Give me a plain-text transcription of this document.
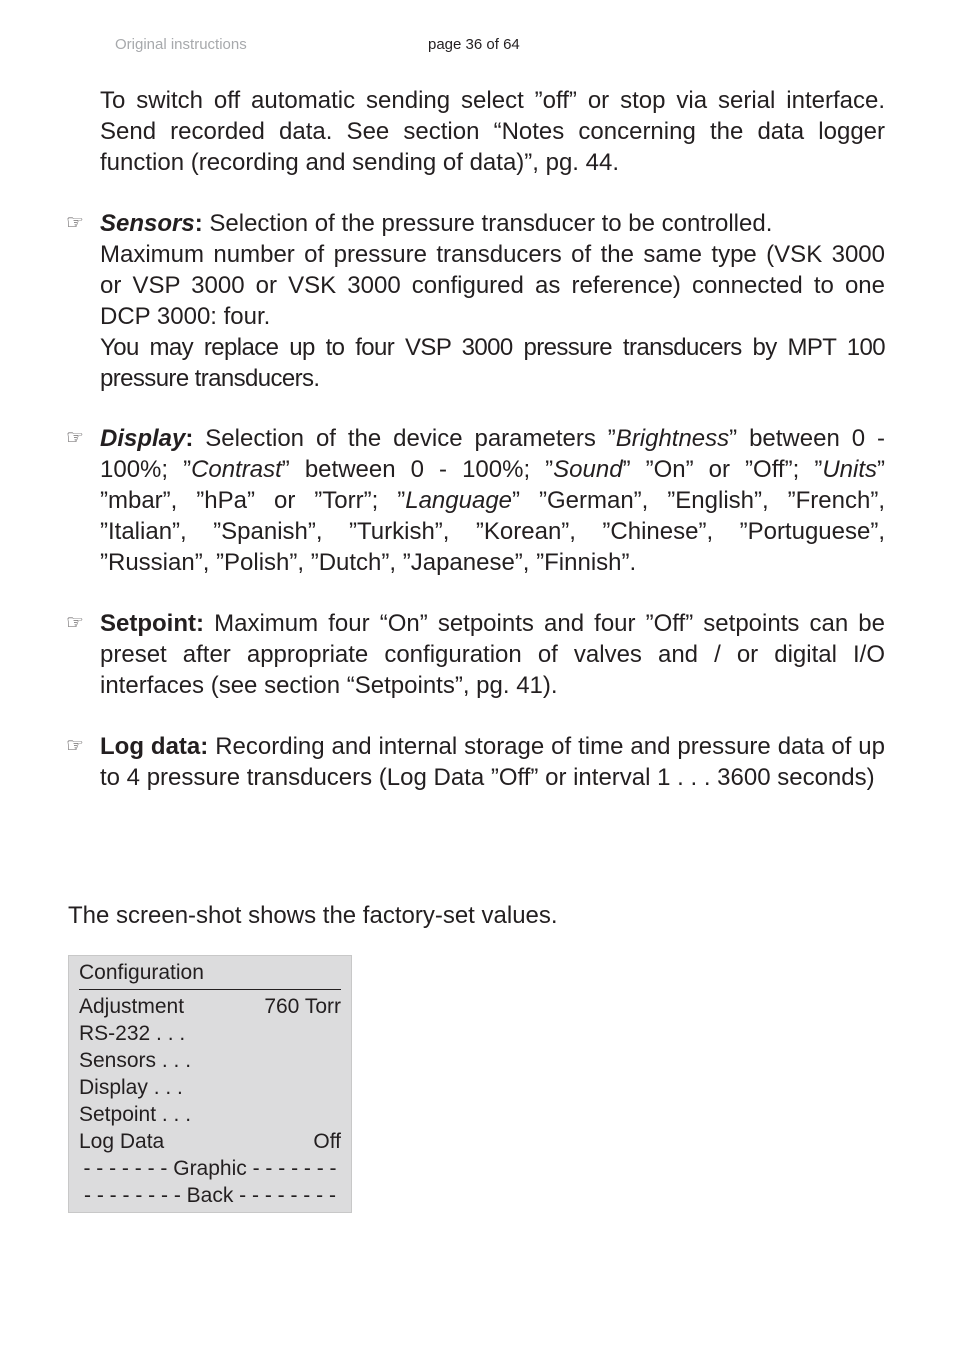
Original instructions	page 36 of 64

To switch off automatic sending select ”off” or stop via serial interface. Send recorded data. See section “Notes concerning the data logger function (recording and sending of data)”, pg. 44.

☞ Sensors: Selection of the pressure transducer to be controlled.
Maximum number of pressure transducers of the same type (VSK 3000 or VSP 3000 or VSK 3000 configured as reference) connected to one DCP 3000: four.
You may replace up to four VSP 3000 pressure transducers by MPT 100 pressure transducers.

☞ Display: Selection of the device parameters ”Brightness” between 0 - 100%; ”Contrast” between 0 - 100%; ”Sound” ”On” or ”Off”; ”Units” ”mbar”, ”hPa” or ”Torr”; ”Language” ”German”, ”English”, ”French”, ”Italian”, ”Spanish”, ”Turkish”, ”Korean”, ”Chinese”, ”Portuguese”, ”Russian”, ”Polish”, ”Dutch”, ”Japanese”, ”Finnish”.

☞ Setpoint: Maximum four “On” setpoints and four ”Off” setpoints can be preset after appropriate configuration of valves and / or digital I/O interfaces (see section “Setpoints”, pg. 41).

☞ Log data: Recording and internal storage of time and pressure data of up to 4 pressure transducers (Log Data ”Off” or interval 1 . . . 3600 seconds)

The screen-shot shows the factory-set values.

Configuration
Adjustment	760 Torr
RS-232 . . .
Sensors . . .
Display . . .
Setpoint . . .
Log Data	Off
- - - - - - - Graphic - - - - - - -
- - - - - - - - Back - - - - - - - -
